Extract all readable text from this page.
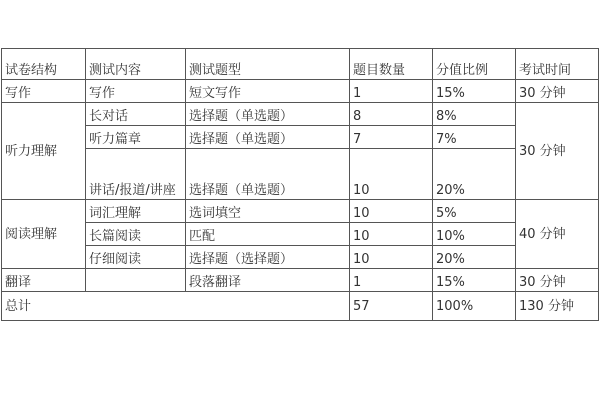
试卷结构	测试内容	测试题型	题目数量	分值比例	考试时间
写作	写作	短文写作	1	15%	30 分钟
听力理解	长对话	选择题（单选题）	8	8%	30 分钟
	听力篇章	选择题（单选题）	7	7%	
	讲话/报道/讲座	选择题（单选题）	10	20%	
阅读理解	词汇理解	选词填空	10	5%	40 分钟
	长篇阅读	匹配	10	10%	
	仔细阅读	选择题（选择题）	10	20%	
翻译		段落翻译	1	15%	30 分钟
总计			57	100%	130 分钟
